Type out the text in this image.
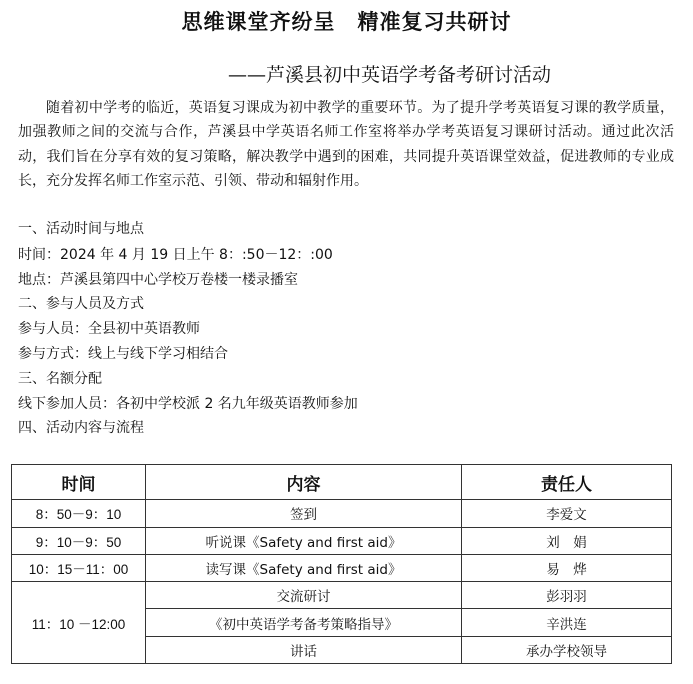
思维课堂齐纷呈　精准复习共研讨
——芦溪县初中英语学考备考研讨活动

随着初中学考的临近，英语复习课成为初中教学的重要环节。为了提升学考英语复习课的教学质量，加强教师之间的交流与合作，芦溪县中学英语名师工作室将举办学考英语复习课研讨活动。通过此次活动，我们旨在分享有效的复习策略，解决教学中遇到的困难，共同提升英语课堂效益，促进教师的专业成长，充分发挥名师工作室示范、引领、带动和辐射作用。

一、活动时间与地点

时间：2024 年 4 月 19 日上午 8：:50－12：:00

地点：芦溪县第四中心学校万卷楼一楼录播室

二、参与人员及方式

参与人员：全县初中英语教师

参与方式：线上与线下学习相结合

三、名额分配

线下参加人员：各初中学校派 2 名九年级英语教师参加

四、活动内容与流程

时间	内容	责任人
8：50－9：10	签到	李爱文
9：10－9：50	听说课《Safety and first aid》	刘　娟
10：15－11：00	读写课《Safety and first aid》	易　烨
11：10 －12:00	交流研讨	彭羽羽
	《初中英语学考备考策略指导》	辛洪连
	讲话	承办学校领导
